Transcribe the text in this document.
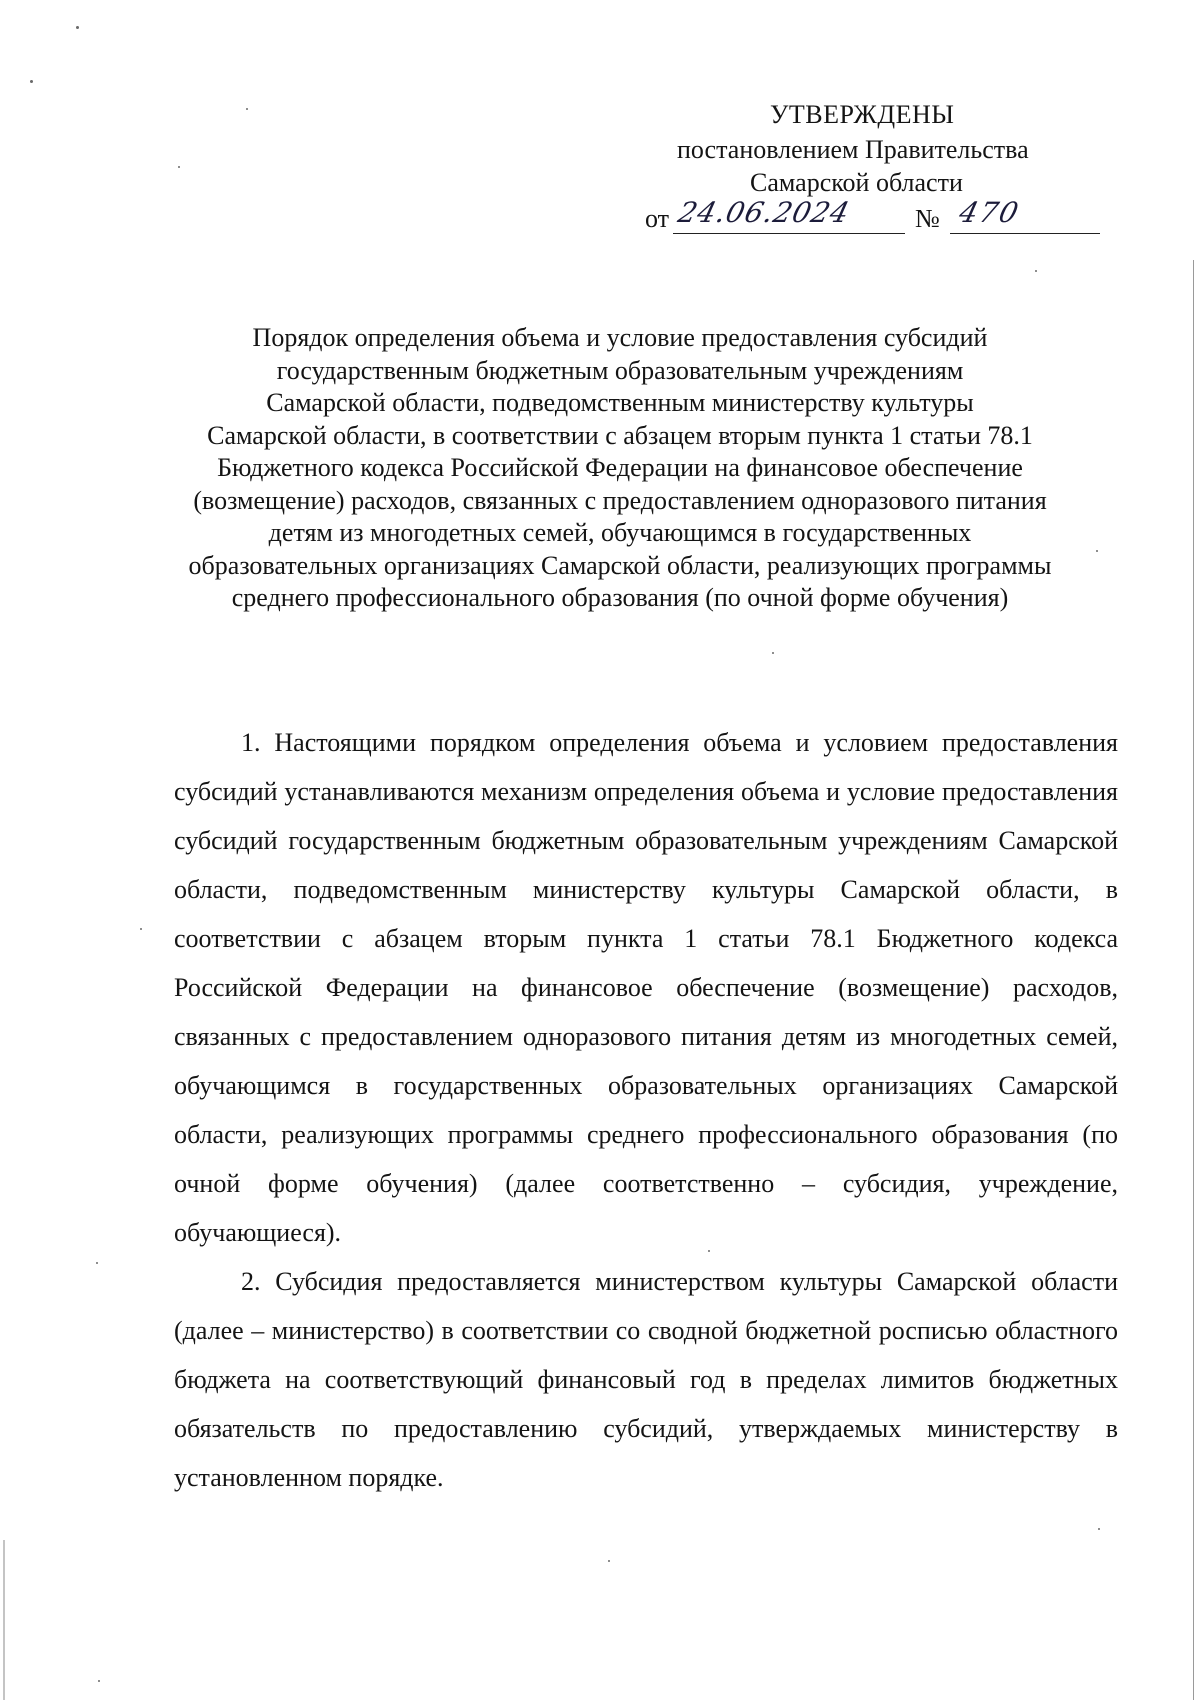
УТВЕРЖДЕНЫ
постановлением Правительства
Самарской области
от 24.06.2024 № 470
Порядок определения объема и условие предоставления субсидий
государственным бюджетным образовательным учреждениям
Самарской области, подведомственным министерству культуры
Самарской области, в соответствии с абзацем вторым пункта 1 статьи 78.1
Бюджетного кодекса Российской Федерации на финансовое обеспечение
(возмещение) расходов, связанных с предоставлением одноразового питания
детям из многодетных семей, обучающимся в государственных
образовательных организациях Самарской области, реализующих программы
среднего профессионального образования (по очной форме обучения)

1. Настоящими порядком определения объема и условием предоставления субсидий устанавливаются механизм определения объема и условие предоставления субсидий государственным бюджетным образовательным учреждениям Самарской области, подведомственным министерству культуры Самарской области, в соответствии с абзацем вторым пункта 1 статьи 78.1 Бюджетного кодекса Российской Федерации на финансовое обеспечение (возмещение) расходов, связанных с предоставлением одноразового питания детям из многодетных семей, обучающимся в государственных образовательных организациях Самарской области, реализующих программы среднего профессионального образования (по очной форме обучения) (далее соответственно – субсидия, учреждение, обучающиеся).

2. Субсидия предоставляется министерством культуры Самарской области (далее – министерство) в соответствии со сводной бюджетной росписью областного бюджета на соответствующий финансовый год в пределах лимитов бюджетных обязательств по предоставлению субсидий, утверждаемых министерству в установленном порядке.
